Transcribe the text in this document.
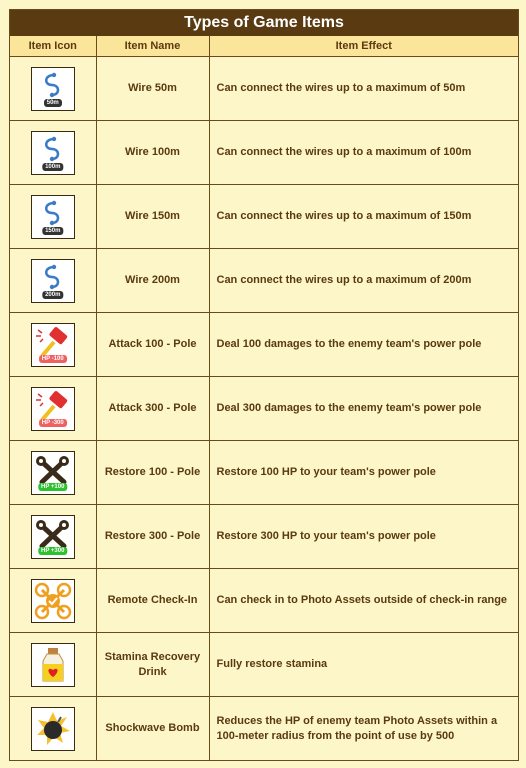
Types of Game Items
Item Icon	Item Name	Item Effect

50m	Wire 50m	Can connect the wires up to a maximum of 50m

100m	Wire 100m	Can connect the wires up to a maximum of 100m

150m	Wire 150m	Can connect the wires up to a maximum of 150m

200m	Wire 200m	Can connect the wires up to a maximum of 200m

HP -100	Attack 100 - Pole	Deal 100 damages to the enemy team's power pole

HP -300	Attack 300 - Pole	Deal 300 damages to the enemy team's power pole

HP +100	Restore 100 - Pole	Restore 100 HP to your team's power pole

HP +300	Restore 300 - Pole	Restore 300 HP to your team's power pole

	Remote Check-In	Can check in to Photo Assets outside of check-in range

	Stamina Recovery Drink	Fully restore stamina

	Shockwave Bomb	Reduces the HP of enemy team Photo Assets within a 100-meter radius from the point of use by 500
